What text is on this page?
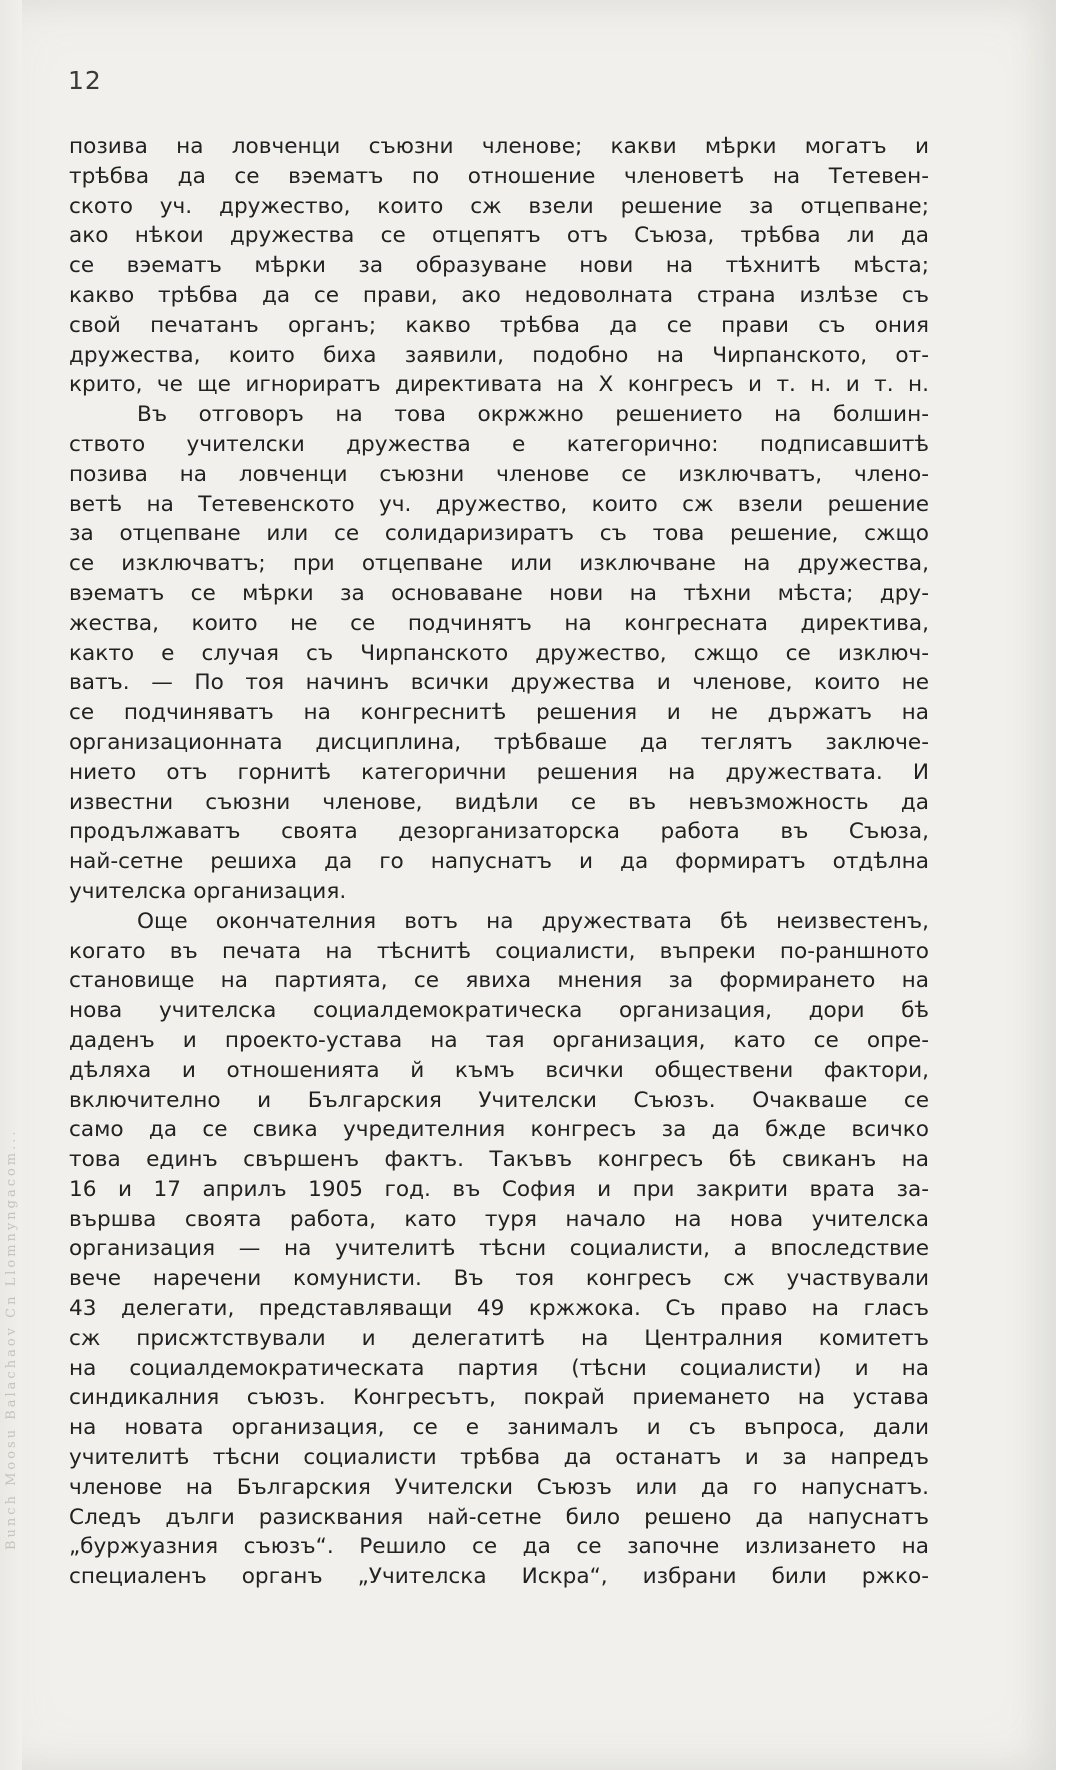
Bunch Moosu Balachaov Cn Llomnyngacom...
12
позива на ловченци съюзни членове; какви мѣрки могатъ и
трѣбва да се вэематъ по отношение членоветѣ на Тетевен-
ското уч. дружество, които сж взели решение за отцепване;
ако нѣкои дружества се отцепятъ отъ Съюза, трѣбва ли да
се вэематъ мѣрки за образуване нови на тѣхнитѣ мѣста;
какво трѣбва да се прави, ако недоволната страна излѣзе съ
свой печатанъ органъ; какво трѣбва да се прави съ ония
дружества, които биха заявили, подобно на Чирпанското, от-
крито, че ще игнориратъ директивата на X конгресъ и т. н. и т. н.
Въ отговоръ на това окржжно решението на болшин-
ството учителски дружества е категорично: подписавшитѣ
позива на ловченци съюзни членове се изключватъ, члено-
ветѣ на Тетевенското уч. дружество, които сж взели решение
за отцепване или се солидаризиратъ съ това решение, сжщо
се изключватъ; при отцепване или изключване на дружества,
вэематъ се мѣрки за основаване нови на тѣхни мѣста; дру-
жества, които не се подчинятъ на конгресната директива,
както е случая съ Чирпанското дружество, сжщо се изключ-
ватъ. — По тоя начинъ всички дружества и членове, които не
се подчиняватъ на конгреснитѣ решения и не държатъ на
организационната дисциплина, трѣбваше да теглятъ заключе-
нието отъ горнитѣ категорични решения на дружествата. И
известни съюзни членове, видѣли се въ невъзможность да
продължаватъ своята дезорганизаторска работа въ Съюза,
най-сетне решиха да го напуснатъ и да формиратъ отдѣлна
учителска организация.
Още окончателния вотъ на дружествата бѣ неизвестенъ,
когато въ печата на тѣснитѣ социалисти, въпреки по-раншното
становище на партията, се явиха мнения за формирането на
нова учителска социалдемократическа организация, дори бѣ
даденъ и проекто-устава на тая организация, като се опре-
дѣляха и отношенията й къмъ всички обществени фактори,
включително и Българския Учителски Съюзъ. Очакваше се
само да се свика учредителния конгресъ за да бжде всичко
това единъ свършенъ фактъ. Такъвъ конгресъ бѣ свиканъ на
16 и 17 априлъ 1905 год. въ София и при закрити врата за-
вършва своята работа, като туря начало на нова учителска
организация — на учителитѣ тѣсни социалисти, а впоследствие
вече наречени комунисти. Въ тоя конгресъ сж участвували
43 делегати, представляващи 49 кржжока. Съ право на гласъ
сж присжтствували и делегатитѣ на Централния комитетъ
на социалдемократическата партия (тѣсни социалисти) и на
синдикалния съюзъ. Конгресътъ, покрай приемането на устава
на новата организация, се е занималъ и съ въпроса, дали
учителитѣ тѣсни социалисти трѣбва да останатъ и за напредъ
членове на Българския Учителски Съюзъ или да го напуснатъ.
Следъ дълги разисквания най-сетне било решено да напуснатъ
„буржуазния съюзъ“. Решило се да се започне излизането на
специаленъ органъ „Учителска Искра“, избрани били ржко-
